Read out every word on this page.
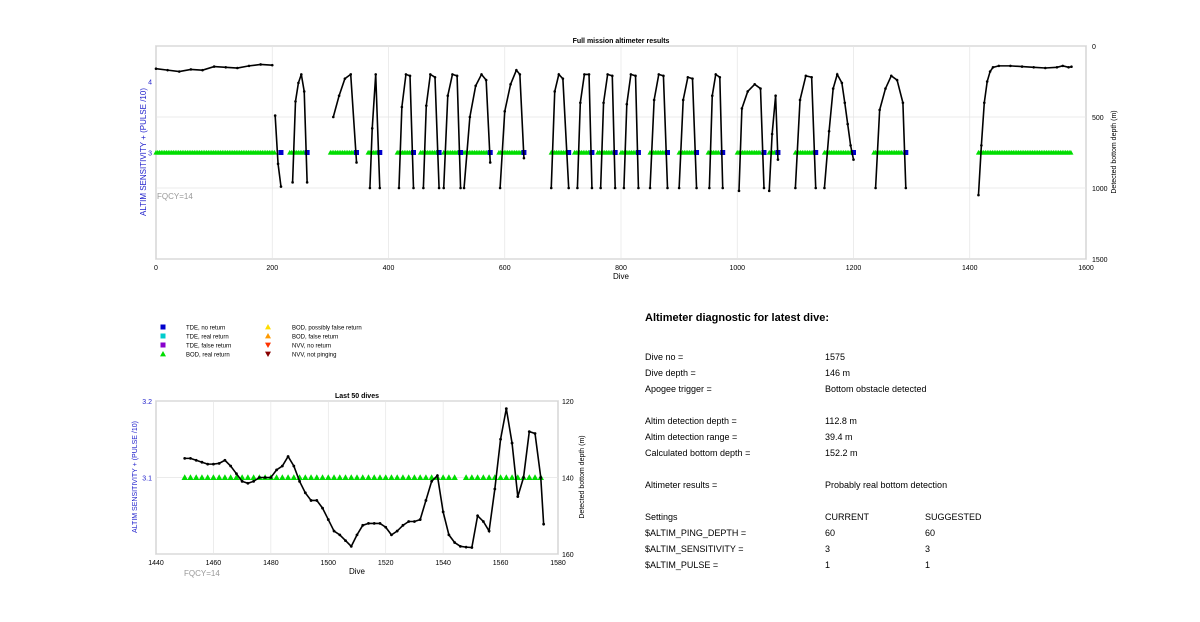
0	200	400	600	800	1000	1200	1400	1600
0
500
1000
1500
4
3
Full mission altimeter results
Dive
ALTIM SENSITIVITY + (PULSE /10)	Detected bottom depth (m)
FQCY=14
TDE, no return
TDE, real return
TDE, false return
BOD, real return
BOD, possibly false return
BOD, false return
NVV, no return
NVV, not pinging
1440	1460	1480	1500	1520	1540	1560	1580
120
140
160
3.2
3.1
Last 50 dives
Dive
ALTIM SENSITIVITY + (PULSE /10)	Detected bottom depth (m)
FQCY=14
Altimeter diagnostic for latest dive:
Dive no =	1575
Dive depth =	146 m
Apogee trigger =	Bottom obstacle detected
Altim detection depth =	112.8 m
Altim detection range =	39.4 m
Calculated bottom depth =	152.2 m
Altimeter results =	Probably real bottom detection
Settings	CURRENT	SUGGESTED
$ALTIM_PING_DEPTH =	60	60
$ALTIM_SENSITIVITY =	3	3
$ALTIM_PULSE =	1	1
